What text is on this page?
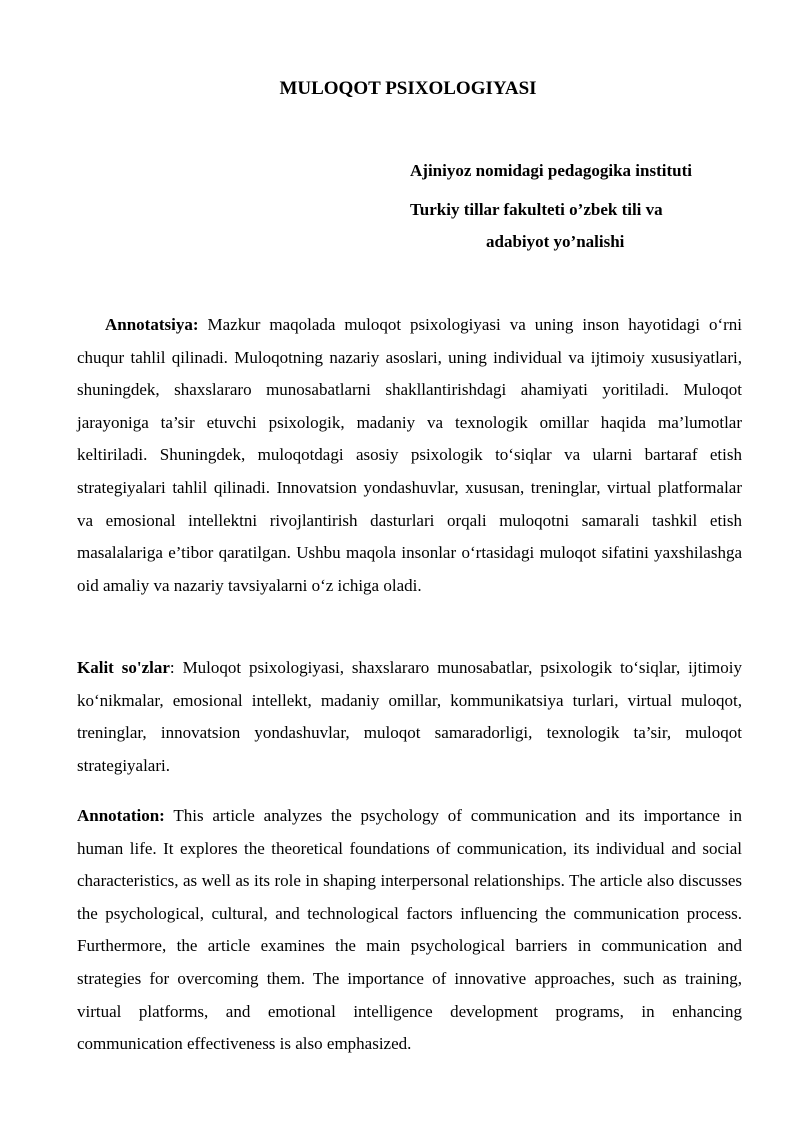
MULOQOT PSIXOLOGIYASI
Ajiniyoz nomidagi pedagogika instituti
Turkiy tillar fakulteti o’zbek tili va
adabiyot yo’nalishi

Annotatsiya: Mazkur maqolada muloqot psixologiyasi va uning inson hayotidagi o‘rni chuqur tahlil qilinadi. Muloqotning nazariy asoslari, uning individual va ijtimoiy xususiyatlari, shuningdek, shaxslararo munosabatlarni shakllantirishdagi ahamiyati yoritiladi. Muloqot jarayoniga ta’sir etuvchi psixologik, madaniy va texnologik omillar haqida ma’lumotlar keltiriladi. Shuningdek, muloqotdagi asosiy psixologik to‘siqlar va ularni bartaraf etish strategiyalari tahlil qilinadi. Innovatsion yondashuvlar, xususan, treninglar, virtual platformalar va emosional intellektni rivojlantirish dasturlari orqali muloqotni samarali tashkil etish masalalariga e’tibor qaratilgan. Ushbu maqola insonlar o‘rtasidagi muloqot sifatini yaxshilashga oid amaliy va nazariy tavsiyalarni o‘z ichiga oladi.

Kalit so'zlar: Muloqot psixologiyasi, shaxslararo munosabatlar, psixologik to‘siqlar, ijtimoiy ko‘nikmalar, emosional intellekt, madaniy omillar, kommunikatsiya turlari, virtual muloqot, treninglar, innovatsion yondashuvlar, muloqot samaradorligi, texnologik ta’sir, muloqot strategiyalari.

Annotation: This article analyzes the psychology of communication and its importance in human life. It explores the theoretical foundations of communication, its individual and social characteristics, as well as its role in shaping interpersonal relationships. The article also discusses the psychological, cultural, and technological factors influencing the communication process. Furthermore, the article examines the main psychological barriers in communication and strategies for overcoming them. The importance of innovative approaches, such as training, virtual platforms, and emotional intelligence development programs, in enhancing communication effectiveness is also emphasized.
